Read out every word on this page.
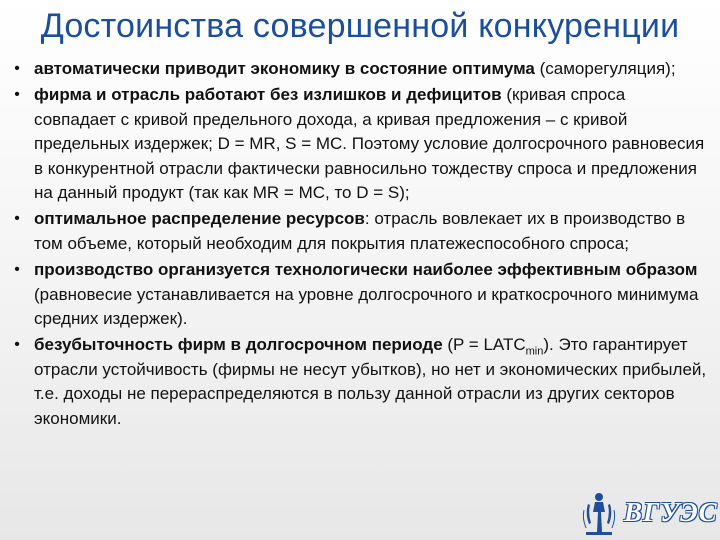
Достоинства совершенной конкуренции
• автоматически приводит экономику в состояние оптимума (саморегуляция);
• фирма и отрасль работают без излишков и дефицитов (кривая спроса совпадает с кривой предельного дохода, а кривая предложения – с кривой предельных издержек; D = MR, S = MC. Поэтому условие долгосрочного равновесия в конкурентной отрасли фактически равносильно тождеству спроса и предложения на данный продукт (так как MR = MC, то D = S);
• оптимальное распределение ресурсов: отрасль вовлекает их в производство в том объеме, который необходим для покрытия платежеспособного спроса;
• производство организуется технологически наиболее эффективным образом (равновесие устанавливается на уровне долгосрочного и краткосрочного минимума средних издержек).
• безубыточность фирм в долгосрочном периоде $(P = LATC_{min})$. Это гарантирует отрасли устойчивость (фирмы не несут убытков), но нет и экономических прибылей, т.е. доходы не перераспределяются в пользу данной отрасли из других секторов экономики.
ВГУЭС
